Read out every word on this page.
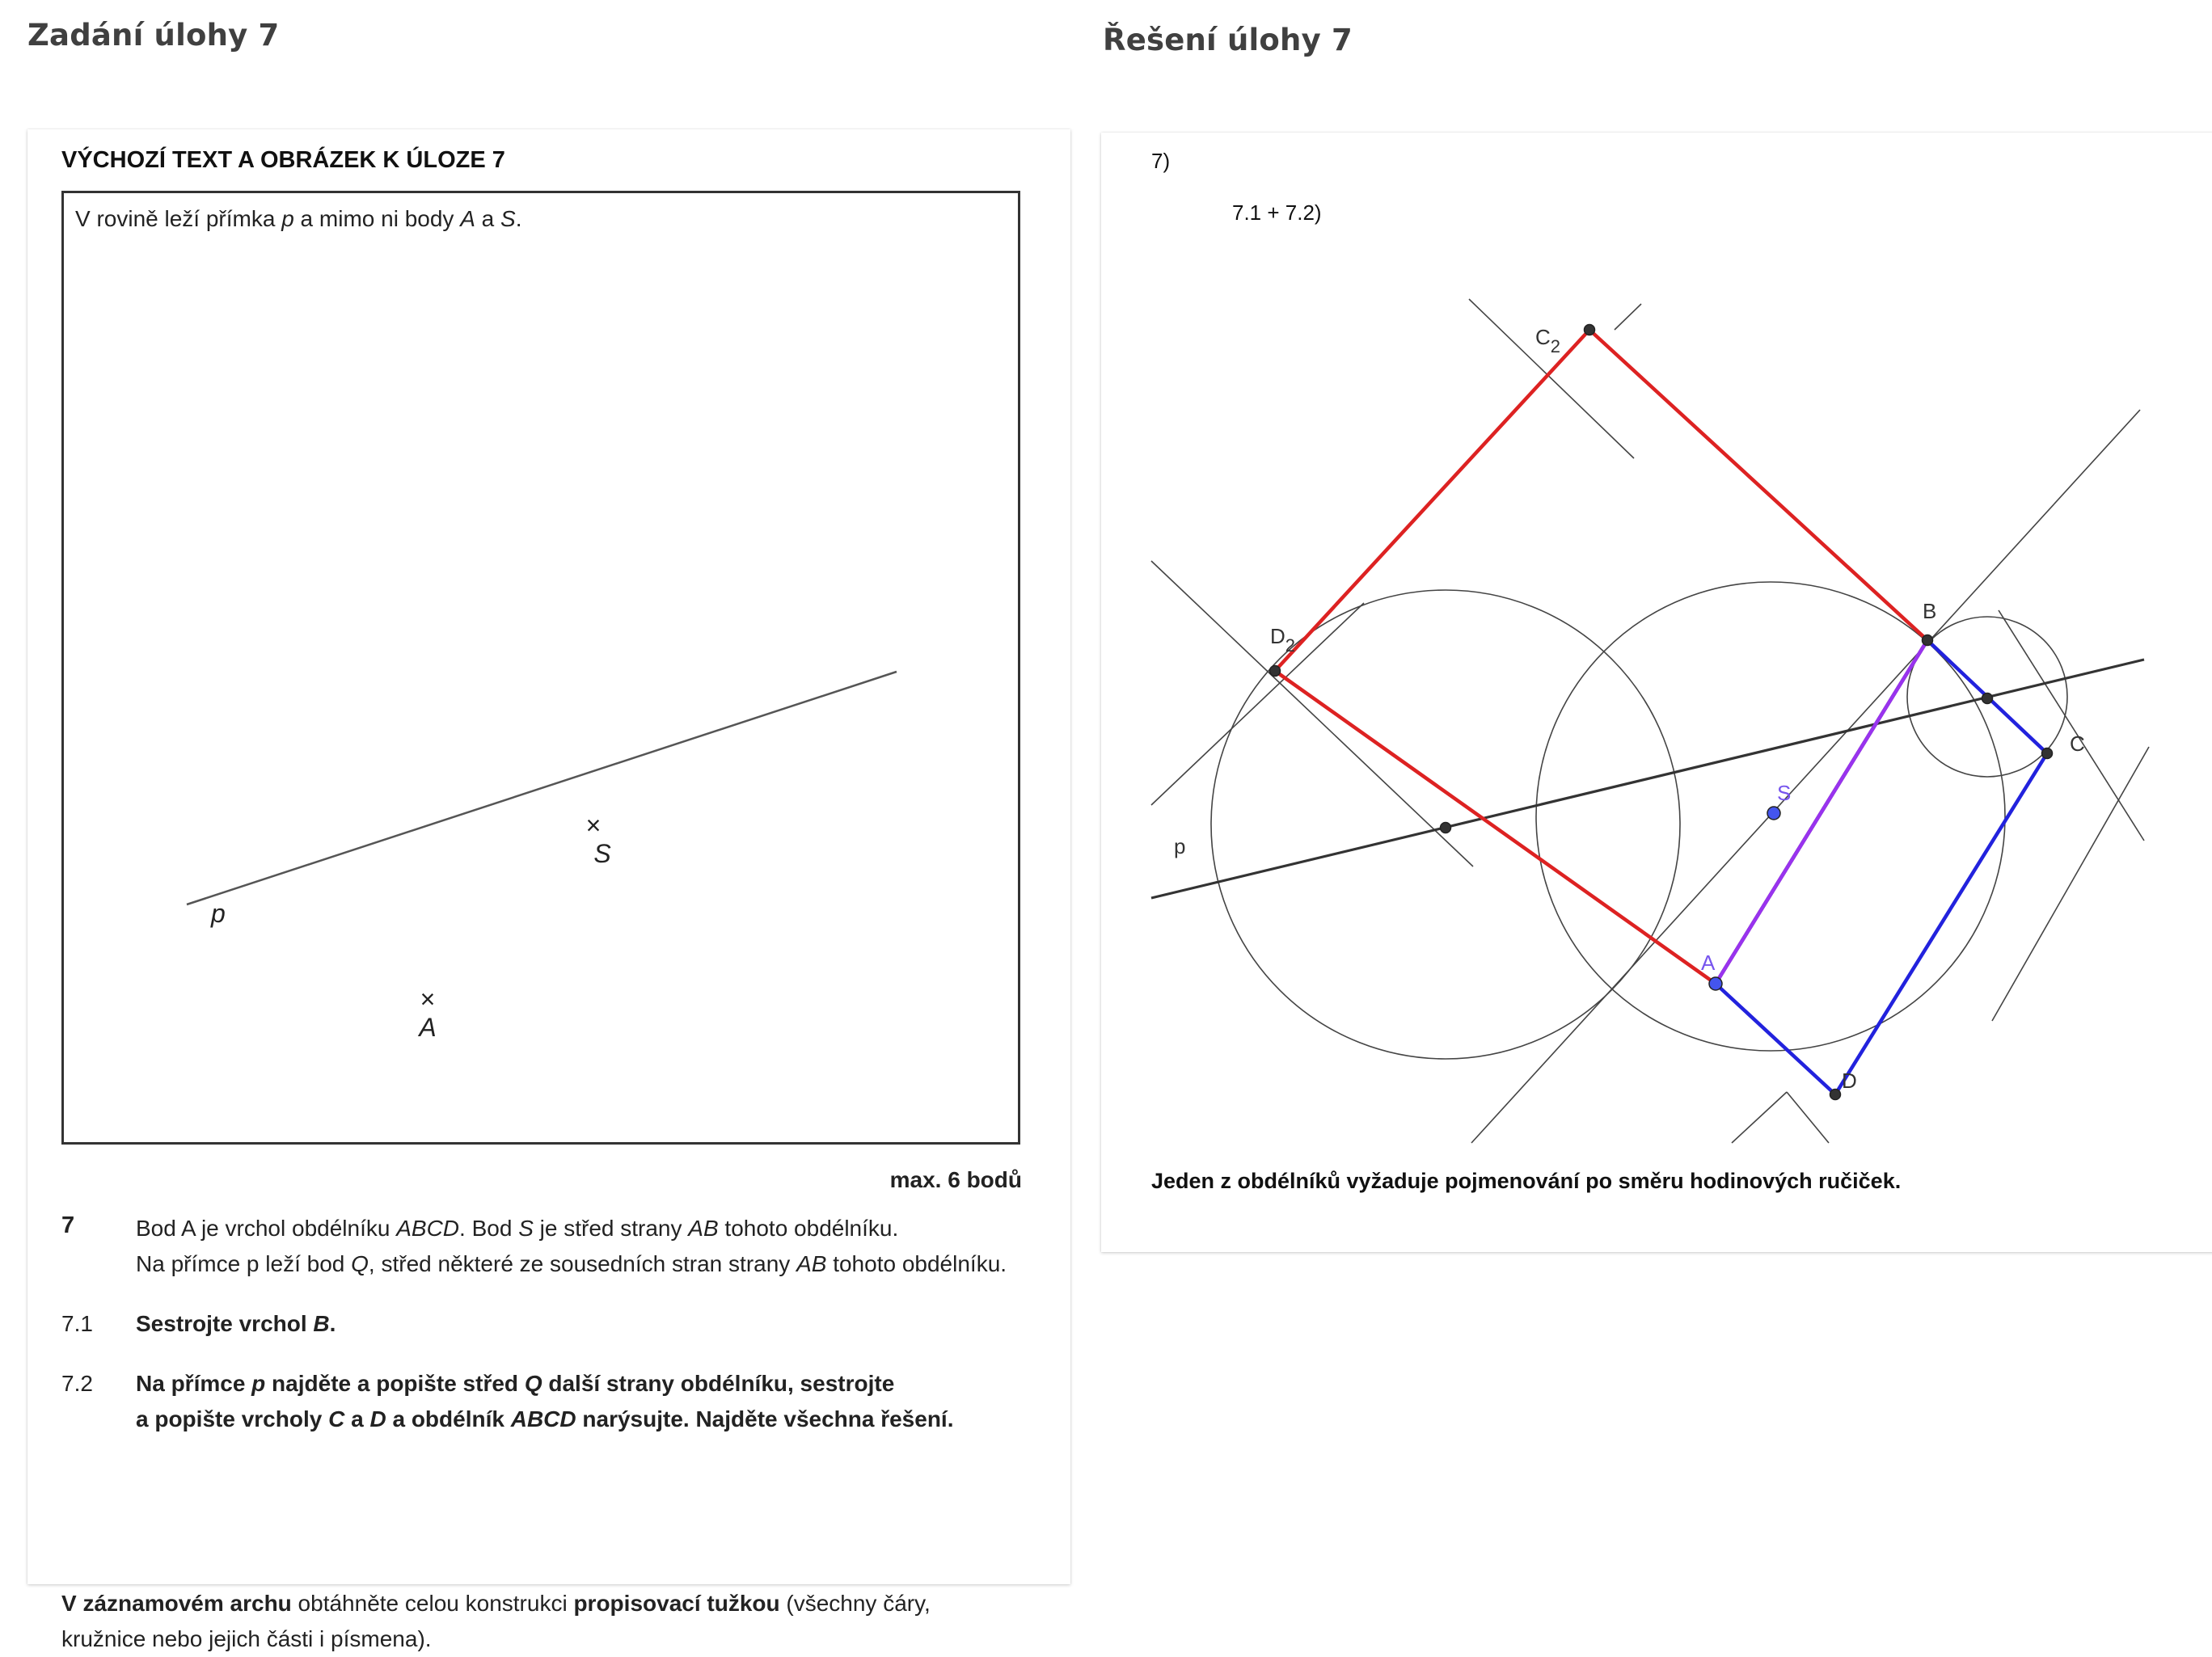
Zadání úlohy 7	Řešení úlohy 7
VÝCHOZÍ TEXT A OBRÁZEK K ÚLOZE 7

V rovině leží přímka p a mimo ni body A a S.

p
×
S
×
A

max. 6 bodů

7	Bod A je vrchol obdélníku ABCD. Bod S je střed strany AB tohoto obdélníku.
Na přímce p leží bod Q, střed některé ze sousedních stran strany AB tohoto obdélníku.
7.1 Sestrojte vrchol B.
7.2 Na přímce p najděte a popište střed Q další strany obdélníku, sestrojte
a popište vrcholy C a D a obdélník ABCD narýsujte. Najděte všechna řešení.
V záznamovém archu obtáhněte celou konstrukci propisovací tužkou (všechny čáry,
kružnice nebo jejich části i písmena).
7)
7.1 + 7.2)
$C_2$
$D_2$
B
C
D
p
A
S

Jeden z obdélníků vyžaduje pojmenování po směru hodinových ručiček.
